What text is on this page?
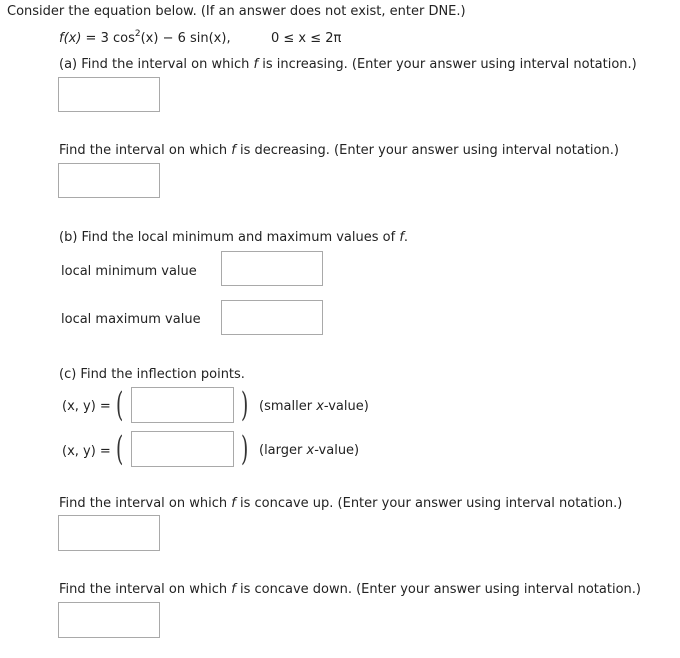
Consider the equation below. (If an answer does not exist, enter DNE.)
f(x) = 3 $\cos^2(x) - 6$ sin(x),	0 ≤ x ≤ 2π
(a) Find the interval on which f is increasing. (Enter your answer using interval notation.)
Find the interval on which f is decreasing. (Enter your answer using interval notation.)
(b) Find the local minimum and maximum values of f.
local minimum value
local maximum value
(c) Find the inflection points.
(x, y) = (	) (smaller x-value)
(x, y) = (	) (larger x-value)
Find the interval on which f is concave up. (Enter your answer using interval notation.)
Find the interval on which f is concave down. (Enter your answer using interval notation.)
